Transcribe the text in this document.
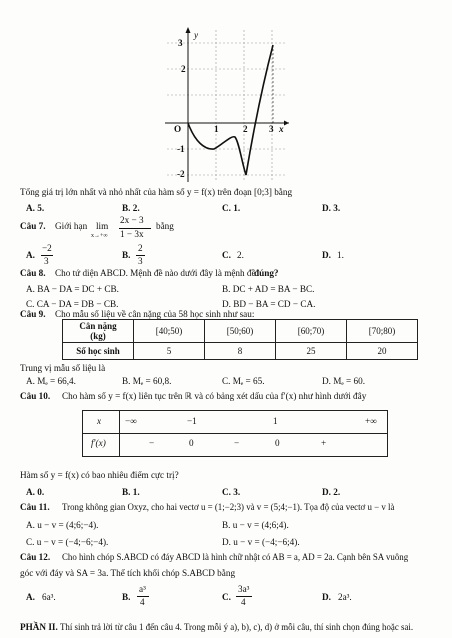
y
3
2
O	1	2 3 x
-1
-2
Tổng giá trị lớn nhất và nhỏ nhất của hàm số y = f(x) trên đoạn [0;3] bằng
A. 5.	B. 2.	C. 1.	D. 3.
Câu 7. Giới hạn lim
x→+∞
2x − 3
1 − 3x
bằng
A.
−2
3
B.
2
3
C. 2.	D. 1.
Câu 8. Cho tứ diện ABCD. Mệnh đề nào dưới đây là mệnh đề
đúng?
A. BA − DA = DC + CB.	B. DC + AD = BA − BC.
C. CA − DA = DB − CB.	D. BD − BA = CD − CA.
Câu 9. Cho mẫu số liệu về cân nặng của 58 học sinh như sau:
Cân nặng
(kg)	[40;50)	[50;60)	[60;70)	[70;80)
Số học sinh	5	8	25	20
Trung vị mẫu số liệu là
A. Mₑ = 66,4.	B. Mₑ = 60,8.	C. Mₑ = 65.	D. Mₑ = 60.
Câu 10. Cho hàm số y = f(x) liên tục trên ℝ và có bảng xét dấu của f′(x) như hình dưới đây
x	−∞	−1	1	+∞
f′(x)	−	0	−	0	+
Hàm số y = f(x) có bao nhiêu điểm cực trị?
A. 0.	B. 1.	C. 3.	D. 2.
Câu 11. Trong không gian Oxyz, cho hai vectơ u = (1;−2;3) và v = (5;4;−1). Tọa độ của vectơ u − v là
A. u − v = (4;6;−4).	B. u − v = (4;6;4).
C. u − v = (−4;−6;−4).	D. u − v = (−4;−6;4).
Câu 12. Cho hình chóp S.ABCD có đáy ABCD là hình chữ nhật có AB = a, AD = 2a. Cạnh bên SA vuông
góc với đáy và SA = 3a. Thể tích khối chóp S.ABCD bằng
A. 6a³.	B.
a³
4	C.
3a³
4	D. 2a³.
PHẦN II. Thí sinh trả lời từ câu 1 đến câu 4. Trong mỗi ý a), b), c), d) ở mỗi câu, thí sinh chọn đúng hoặc sai.
